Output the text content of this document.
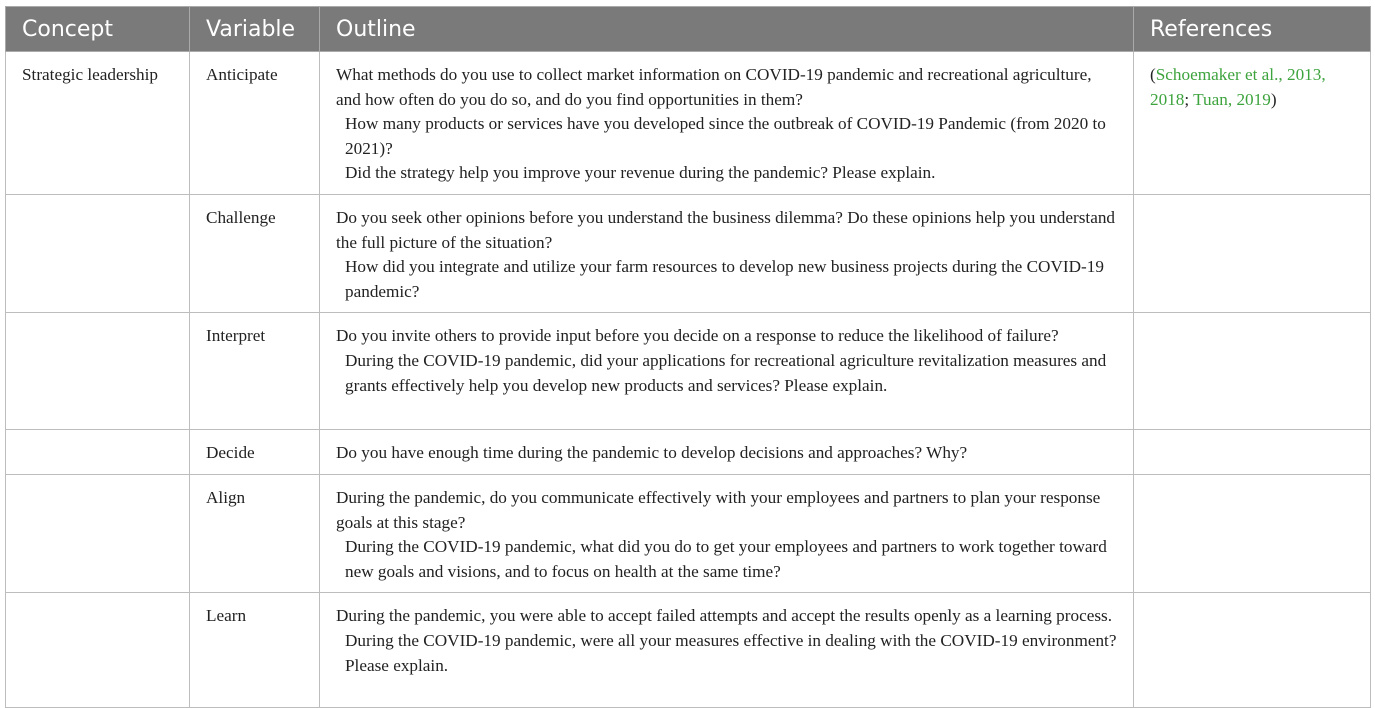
Concept	Variable	Outline	References
Strategic leadership	Anticipate	What methods do you use to collect market information on COVID-19 pandemic and recreational agriculture, and how often do you do so, and do you find opportunities in them?
How many products or services have you developed since the outbreak of COVID-19 Pandemic (from 2020 to 2021)?
Did the strategy help you improve your revenue during the pandemic? Please explain.	(Schoemaker et al., 2013, 2018; Tuan, 2019)
	Challenge	Do you seek other opinions before you understand the business dilemma? Do these opinions help you understand the full picture of the situation?
How did you integrate and utilize your farm resources to develop new business projects during the COVID-19 pandemic?	

	Interpret	Do you invite others to provide input before you decide on a response to reduce the likelihood of failure?
During the COVID-19 pandemic, did your applications for recreational agriculture revitalization measures and grants effectively help you develop new products and services? Please explain.	

	Decide	Do you have enough time during the pandemic to develop decisions and approaches? Why?	

	Align	During the pandemic, do you communicate effectively with your employees and partners to plan your response goals at this stage?
During the COVID-19 pandemic, what did you do to get your employees and partners to work together toward new goals and visions, and to focus on health at the same time?	

	Learn	During the pandemic, you were able to accept failed attempts and accept the results openly as a learning process.
During the COVID-19 pandemic, were all your measures effective in dealing with the COVID-19 environment? Please explain.	
